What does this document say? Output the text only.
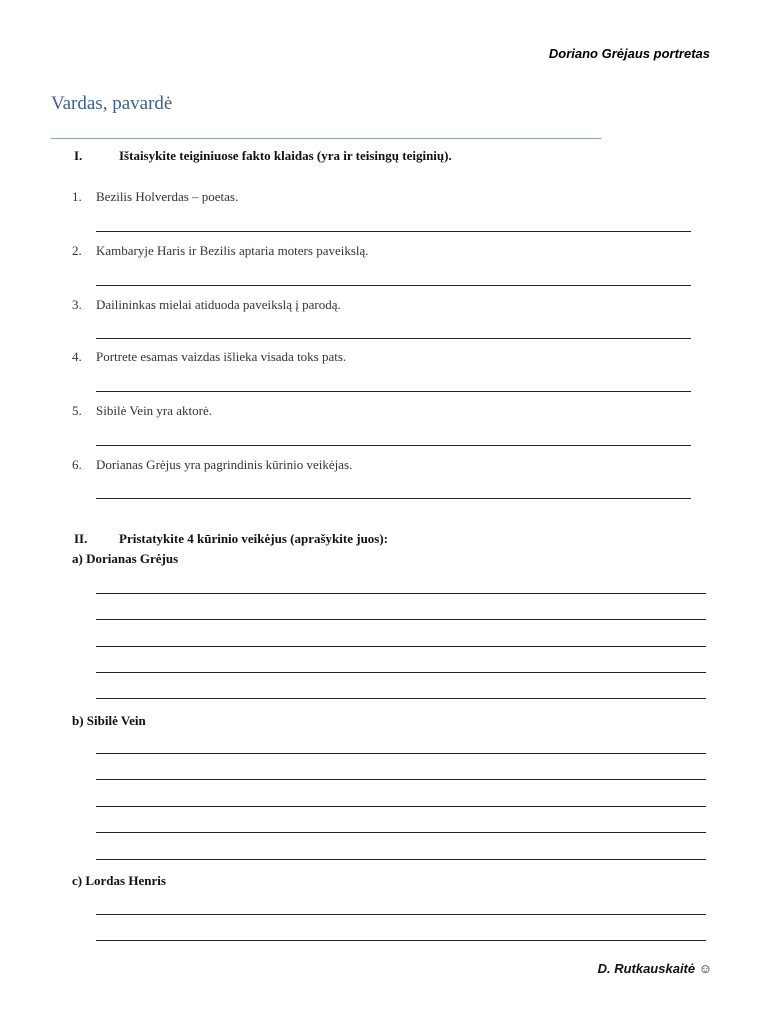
Doriano Grėjaus portretas
Vardas, pavardė
I.	Ištaisykite teiginiuose fakto klaidas (yra ir teisingų teiginių).
1. Bezilis Holverdas – poetas.
2. Kambaryje Haris ir Bezilis aptaria moters paveikslą.
3. Dailininkas mielai atiduoda paveikslą į parodą.
4. Portrete esamas vaizdas išlieka visada toks pats.
5. Sibilė Vein yra aktorė.
6. Dorianas Grėjus yra pagrindinis kūrinio veikėjas.
II. Pristatykite 4 kūrinio veikėjus (aprašykite juos):
a) Dorianas Grėjus
b) Sibilė Vein
c) Lordas Henris
D. Rutkauskaitė ☺
